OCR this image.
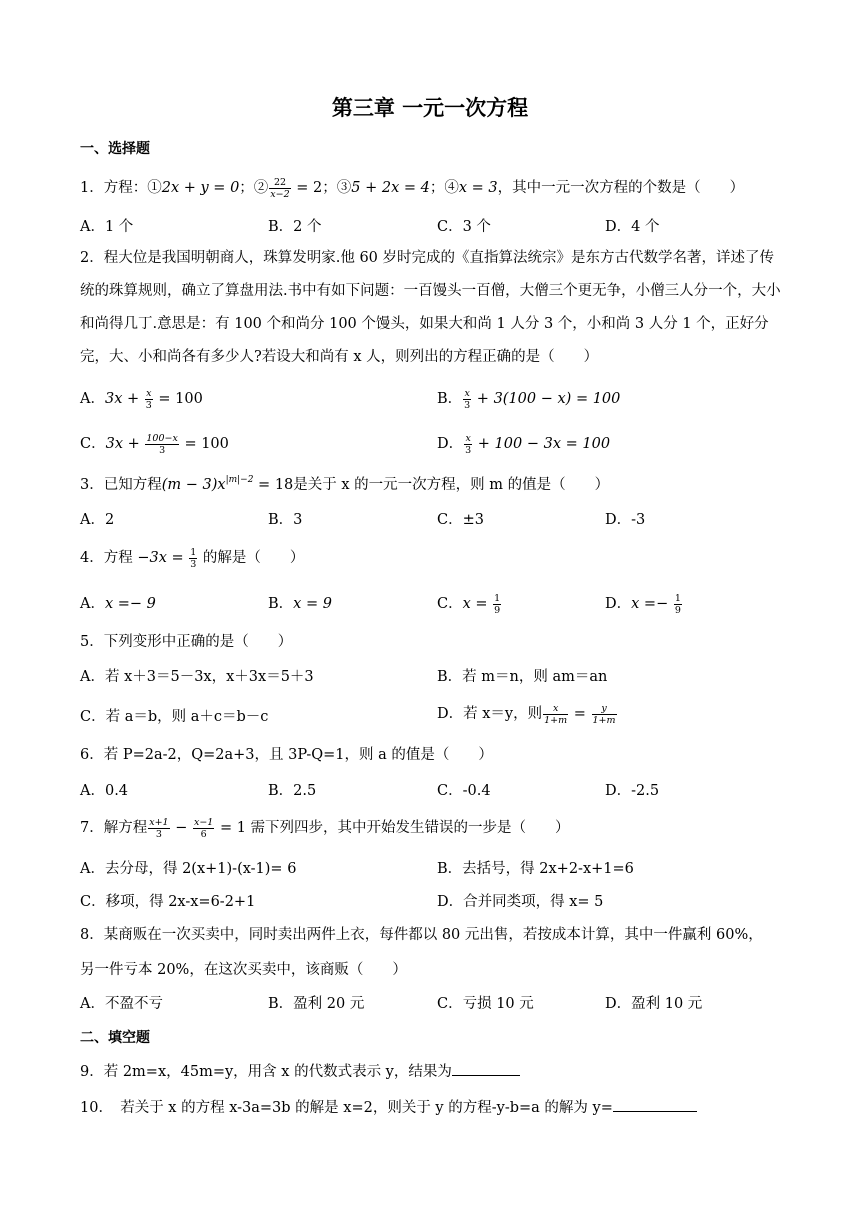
第三章 一元一次方程
一、选择题
1．方程：①2x + y = 0；② $\frac{22}{x-2} = 2$；③5 + 2x = 4；④x = 3，其中一元一次方程的个数是（　　）
A．1 个	B．2 个	C．3 个	D．4 个
2．程大位是我国明朝商人，珠算发明家.他 60 岁时完成的《直指算法统宗》是东方古代数学名著，详述了传统的珠算规则，确立了算盘用法.书中有如下问题：一百馒头一百僧，大僧三个更无争，小僧三人分一个，大小和尚得几丁.意思是：有 100 个和尚分 100 个馒头，如果大和尚 1 人分 3 个，小和尚 3 人分 1 个，正好分完，大、小和尚各有多少人?若设大和尚有 x 人，则列出的方程正确的是（　　）
A．$3x + \frac{x}{3} = 100$	B． $\frac{x}{3} + 3(100 - x) = 100$
C．$3x + \frac{100-x}{3} = 100$	D． $\frac{x}{3} + 100 - 3x = 100$
3．已知方程$(m - 3)x^{|m|-2} = 18$是关于 x 的一元一次方程，则 m 的值是（　　）
A．2	B．3	C．±3	D．-3
4．方程 $-3x = \frac{1}{3}$ 的解是（　　）
A．x =− 9	B．x = 9	C．$x = \frac{1}{9}$	D．$x =- \frac{1}{9}$
5．下列变形中正确的是（　　）
A．若 x＋3＝5－3x，x＋3x＝5＋3	B．若 m＝n，则 am＝an
C．若 a＝b，则 a＋c＝b－c	D．若 x＝y，则 $\frac{x}{1+m} = \frac{y}{1+m}$
6．若 P=2a-2，Q=2a+3，且 3P-Q=1，则 a 的值是（　　）
A．0.4	B．2.5	C．-0.4	D．-2.5
7．解方程 $\frac{x+1}{3} - \frac{x-1}{6} = 1$ 需下列四步，其中开始发生错误的一步是（　　）
A．去分母，得 2(x+1)-(x-1)= 6	B．去括号，得 2x+2-x+1=6
C．移项，得 2x-x=6-2+1	D．合并同类项，得 x= 5
8．某商贩在一次买卖中，同时卖出两件上衣，每件都以 80 元出售，若按成本计算，其中一件赢利 60%，
另一件亏本 20%，在这次买卖中，该商贩（　　）
A．不盈不亏	B．盈利 20 元	C．亏损 10 元	D．盈利 10 元
二、填空题
9．若 2m=x，45m=y，用含 x 的代数式表示 y，结果为
10．　若关于 x 的方程 x-3a=3b 的解是 x=2，则关于 y 的方程-y-b=a 的解为 y=
